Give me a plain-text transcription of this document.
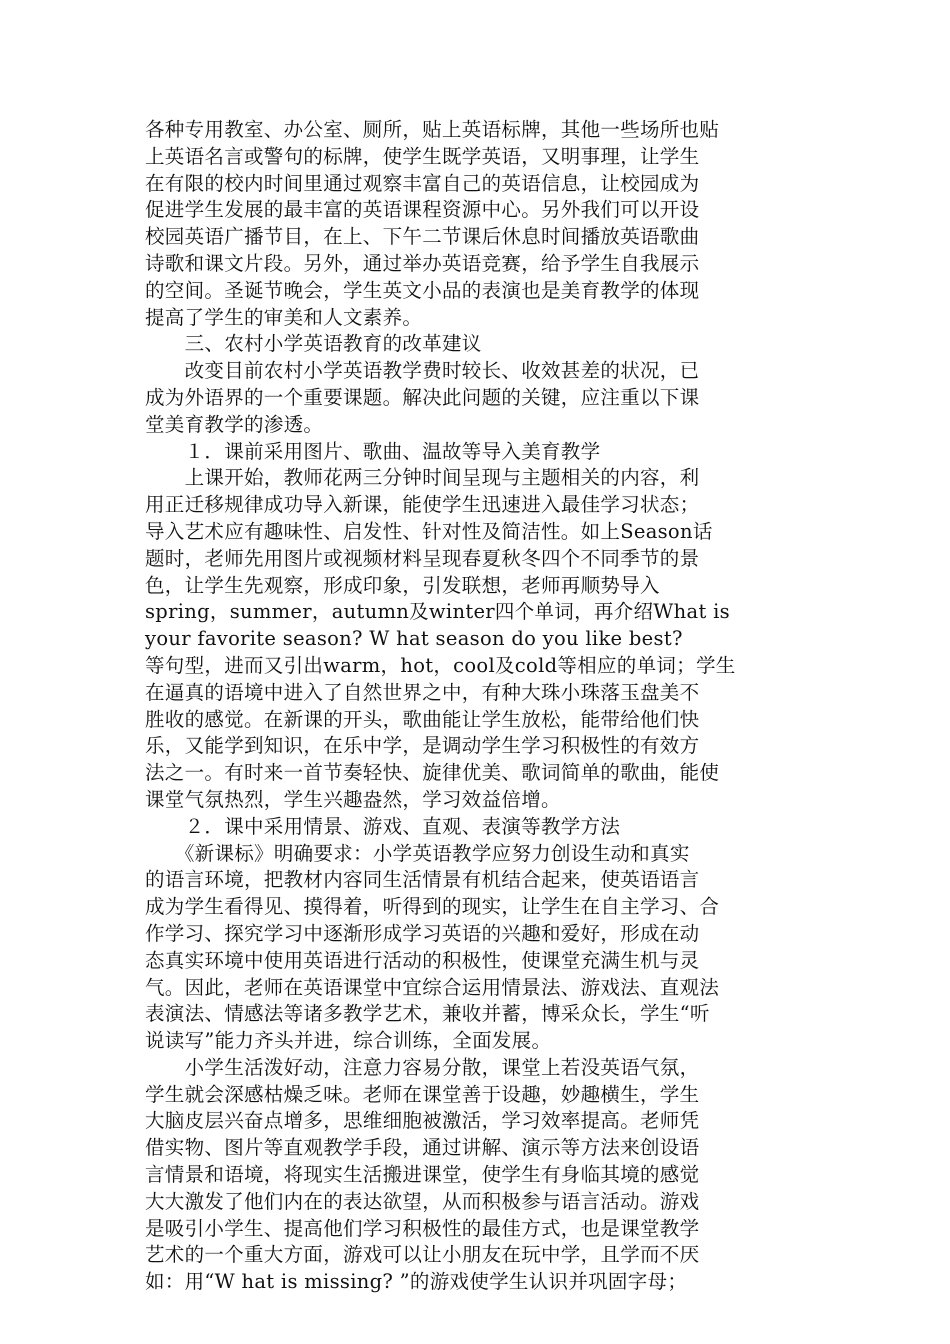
各种专用教室、办公室、厕所，贴上英语标牌，其他一些场所也贴
上英语名言或警句的标牌，使学生既学英语，又明事理，让学生
在有限的校内时间里通过观察丰富自己的英语信息，让校园成为
促进学生发展的最丰富的英语课程资源中心。另外我们可以开设
校园英语广播节目，在上、下午二节课后休息时间播放英语歌曲
诗歌和课文片段。另外，通过举办英语竞赛，给予学生自我展示
的空间。圣诞节晚会，学生英文小品的表演也是美育教学的体现
提高了学生的审美和人文素养。
　　三、农村小学英语教育的改革建议
　　改变目前农村小学英语教学费时较长、收效甚差的状况，已
成为外语界的一个重要课题。解决此问题的关键，应注重以下课
堂美育教学的渗透。
　　１．课前采用图片、歌曲、温故等导入美育教学
　　上课开始，教师花两三分钟时间呈现与主题相关的内容，利
用正迁移规律成功导入新课，能使学生迅速进入最佳学习状态；
导入艺术应有趣味性、启发性、针对性及简洁性。如上Season话
题时，老师先用图片或视频材料呈现春夏秋冬四个不同季节的景
色，让学生先观察，形成印象，引发联想，老师再顺势导入
spring，summer，autumn及winter四个单词，再介绍What is
your favorite season? W hat season do you like best?
等句型，进而又引出warm，hot，cool及cold等相应的单词；学生
在逼真的语境中进入了自然世界之中，有种大珠小珠落玉盘美不
胜收的感觉。在新课的开头，歌曲能让学生放松，能带给他们快
乐，又能学到知识，在乐中学，是调动学生学习积极性的有效方
法之一。有时来一首节奏轻快、旋律优美、歌词简单的歌曲，能使
课堂气氛热烈，学生兴趣盎然，学习效益倍增。
　　２．课中采用情景、游戏、直观、表演等教学方法
　　《新课标》明确要求：小学英语教学应努力创设生动和真实
的语言环境，把教材内容同生活情景有机结合起来，使英语语言
成为学生看得见、摸得着，听得到的现实，让学生在自主学习、合
作学习、探究学习中逐渐形成学习英语的兴趣和爱好，形成在动
态真实环境中使用英语进行活动的积极性，使课堂充满生机与灵
气。因此，老师在英语课堂中宜综合运用情景法、游戏法、直观法
表演法、情感法等诸多教学艺术，兼收并蓄，博采众长，学生“听
说读写”能力齐头并进，综合训练，全面发展。
　　小学生活泼好动，注意力容易分散，课堂上若没英语气氛，
学生就会深感枯燥乏味。老师在课堂善于设趣，妙趣横生，学生
大脑皮层兴奋点增多，思维细胞被激活，学习效率提高。老师凭
借实物、图片等直观教学手段，通过讲解、演示等方法来创设语
言情景和语境，将现实生活搬进课堂，使学生有身临其境的感觉
大大激发了他们内在的表达欲望，从而积极参与语言活动。游戏
是吸引小学生、提高他们学习积极性的最佳方式，也是课堂教学
艺术的一个重大方面，游戏可以让小朋友在玩中学，且学而不厌
如：用“W hat is missing? ”的游戏使学生认识并巩固字母；
